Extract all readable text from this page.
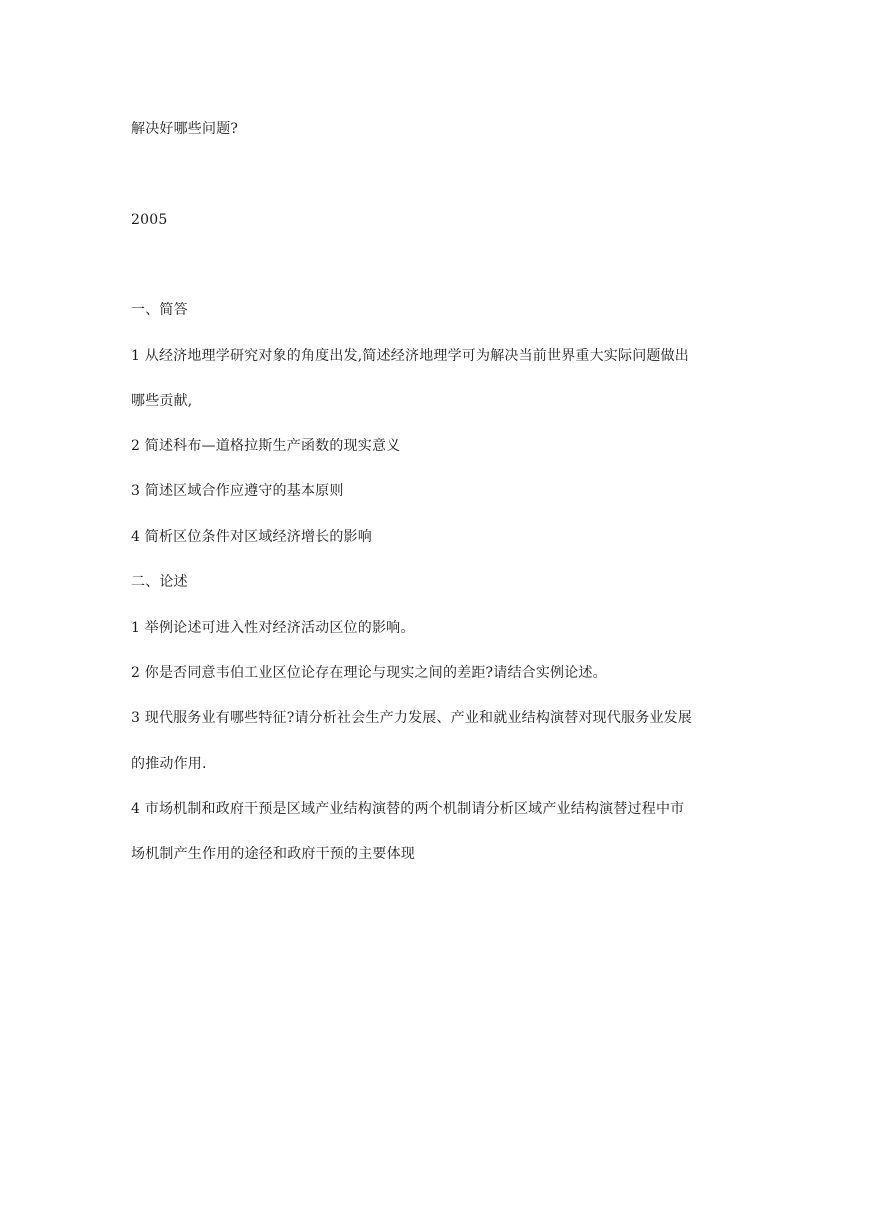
解决好哪些问题?
2005
一、简答
1 从经济地理学研究对象的角度出发,简述经济地理学可为解决当前世界重大实际问题做出
哪些贡献,
2 简述科布—道格拉斯生产函数的现实意义
3 简述区域合作应遵守的基本原则
4 简析区位条件对区域经济增长的影响
二、论述
1 举例论述可进入性对经济活动区位的影响。
2 你是否同意韦伯工业区位论存在理论与现实之间的差距?请结合实例论述。
3 现代服务业有哪些特征?请分析社会生产力发展、产业和就业结构演替对现代服务业发展
的推动作用.
4 市场机制和政府干预是区域产业结构演替的两个机制请分析区域产业结构演替过程中市
场机制产生作用的途径和政府干预的主要体现
